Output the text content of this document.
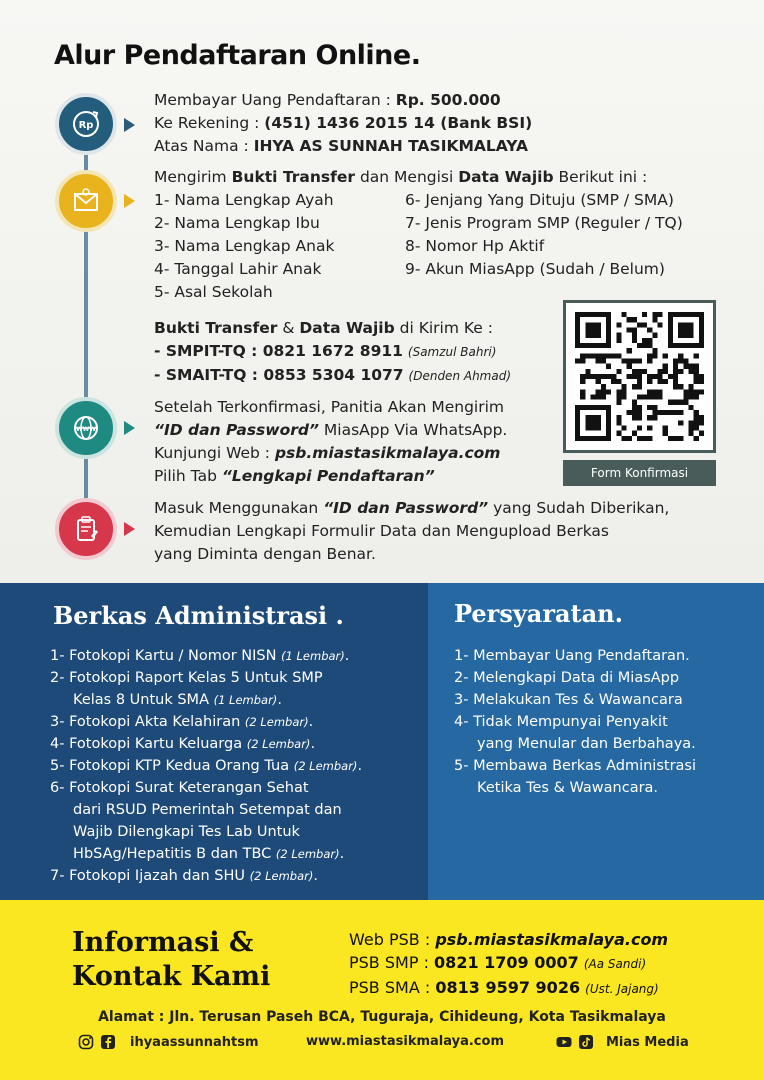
Alur Pendaftaran Online.
Rp
WWW
Membayar Uang Pendaftaran : Rp. 500.000
Ke Rekening : (451) 1436 2015 14 (Bank BSI)
Atas Nama : IHYA AS SUNNAH TASIKMALAYA
Mengirim Bukti Transfer dan Mengisi Data Wajib Berikut ini :
1- Nama Lengkap Ayah
2- Nama Lengkap Ibu
3- Nama Lengkap Anak
4- Tanggal Lahir Anak
5- Asal Sekolah
6- Jenjang Yang Dituju (SMP / SMA)
7- Jenis Program SMP (Reguler / TQ)
8- Nomor Hp Aktif
9- Akun MiasApp (Sudah / Belum)
Bukti Transfer & Data Wajib di Kirim Ke :
- SMPIT-TQ : 0821 1672 8911 (Samzul Bahri)
- SMAIT-TQ : 0853 5304 1077 (Denden Ahmad)
Form Konfirmasi
Setelah Terkonfirmasi, Panitia Akan Mengirim
“ID dan Password” MiasApp Via WhatsApp.
Kunjungi Web : psb.miastasikmalaya.com
Pilih Tab “Lengkapi Pendaftaran”
Masuk Menggunakan “ID dan Password” yang Sudah Diberikan,
Kemudian Lengkapi Formulir Data dan Mengupload Berkas
yang Diminta dengan Benar.
Berkas Administrasi .
1- Fotokopi Kartu / Nomor NISN (1 Lembar).
2- Fotokopi Raport Kelas 5 Untuk SMP
Kelas 8 Untuk SMA (1 Lembar).
3- Fotokopi Akta Kelahiran (2 Lembar).
4- Fotokopi Kartu Keluarga (2 Lembar).
5- Fotokopi KTP Kedua Orang Tua (2 Lembar).
6- Fotokopi Surat Keterangan Sehat
dari RSUD Pemerintah Setempat dan
Wajib Dilengkapi Tes Lab Untuk
HbSAg/Hepatitis B dan TBC (2 Lembar).
7- Fotokopi Ijazah dan SHU (2 Lembar).
Persyaratan.
1- Membayar Uang Pendaftaran.
2- Melengkapi Data di MiasApp
3- Melakukan Tes & Wawancara
4- Tidak Mempunyai Penyakit
yang Menular dan Berbahaya.
5- Membawa Berkas Administrasi
Ketika Tes & Wawancara.
Informasi &
Kontak Kami
Web PSB : psb.miastasikmalaya.com
PSB SMP : 0821 1709 0007 (Aa Sandi)
PSB SMA : 0813 9597 9026 (Ust. Jajang)
Alamat : Jln. Terusan Paseh BCA, Tuguraja, Cihideung, Kota Tasikmalaya
ihyaassunnahtsm	www.miastasikmalaya.com	Mias Media
